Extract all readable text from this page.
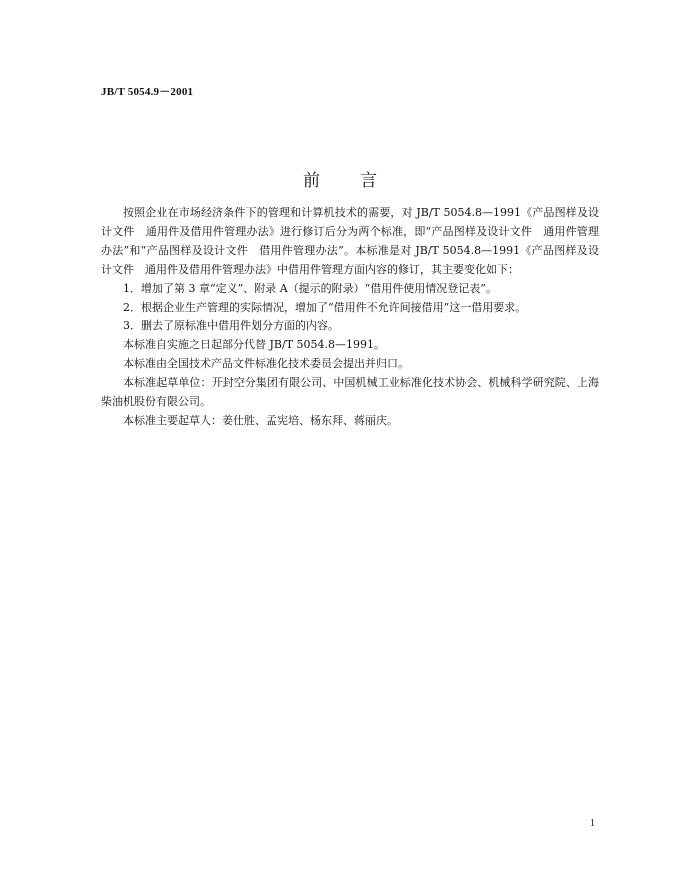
JB/T 5054.9－2001
前言

按照企业在市场经济条件下的管理和计算机技术的需要，对 JB/T 5054.8—1991《产品图样及设计文件　通用件及借用件管理办法》进行修订后分为两个标准，即“产品图样及设计文件　通用件管理办法”和“产品图样及设计文件　借用件管理办法”。本标准是对 JB/T 5054.8—1991《产品图样及设计文件　通用件及借用件管理办法》中借用件管理方面内容的修订，其主要变化如下：

1．增加了第 3 章“定义”、附录 A（提示的附录）“借用件使用情况登记表”。

2．根据企业生产管理的实际情况，增加了“借用件不允许间接借用”这一借用要求。

3．删去了原标准中借用件划分方面的内容。

本标准自实施之日起部分代替 JB/T 5054.8—1991。

本标准由全国技术产品文件标准化技术委员会提出并归口。

本标准起草单位：开封空分集团有限公司、中国机械工业标准化技术协会、机械科学研究院、上海柴油机股份有限公司。

本标准主要起草人：姜仕胜、孟宪培、杨东拜、蒋丽庆。

1
